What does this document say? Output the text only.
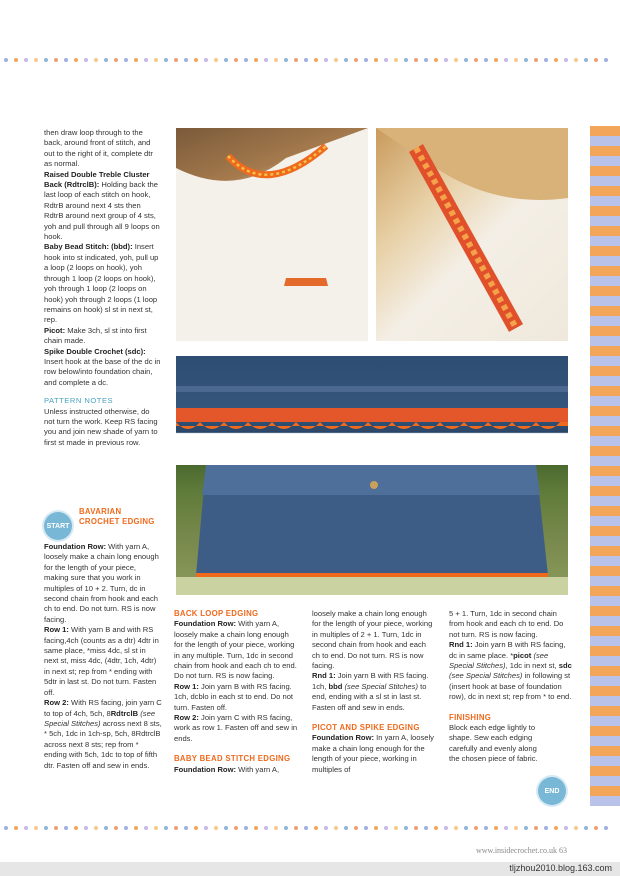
then draw loop through to the back, around front of stitch, and out to the right of it, complete dtr as normal.

Raised Double Treble Cluster Back (RdtrclB): Holding back the last loop of each stitch on hook, RdtrB around next 4 sts then RdtrB around next group of 4 sts, yoh and pull through all 9 loops on hook.

Baby Bead Stitch: (bbd): Insert hook into st indicated, yoh, pull up a loop (2 loops on hook), yoh through 1 loop (2 loops on hook), yoh through 1 loop (2 loops on hook) yoh through 2 loops (1 loop remains on hook) sl st in next st, rep.

Picot: Make 3ch, sl st into first chain made.

Spike Double Crochet (sdc): Insert hook at the base of the dc in row below/into foundation chain, and complete a dc.

PATTERN NOTES

Unless instructed otherwise, do not turn the work. Keep RS facing you and join new shade of yarn to first st made in previous row.

START
BAVARIAN CROCHET EDGING

Foundation Row: With yarn A, loosely make a chain long enough for the length of your piece, making sure that you work in multiples of 10 + 2. Turn, dc in second chain from hook and each ch to end. Do not turn. RS is now facing.

Row 1: With yarn B and with RS facing,4ch (counts as a dtr) 4dtr in same place, *miss 4dc, sl st in next st, miss 4dc, (4dtr, 1ch, 4dtr) in next st; rep from * ending with 5dtr in last st. Do not turn. Fasten off.

Row 2: With RS facing, join yarn C to top of 4ch, 5ch, 8RdtrclB (see Special Stitches) across next 8 sts, * 5ch, 1dc in 1ch-sp, 5ch, 8RdtrclB across next 8 sts; rep from * ending with 5ch, 1dc to top of fifth dtr. Fasten off and sew in ends.

BACK LOOP EDGING

Foundation Row: With yarn A, loosely make a chain long enough for the length of your piece, working in any multiple. Turn, 1dc in second chain from hook and each ch to end. Do not turn. RS is now facing.

Row 1: Join yarn B with RS facing. 1ch, dcblo in each st to end. Do not turn. Fasten off.

Row 2: Join yarn C with RS facing, work as row 1. Fasten off and sew in ends.

BABY BEAD STITCH EDGING

Foundation Row: With yarn A,

loosely make a chain long enough for the length of your piece, working in multiples of 2 + 1. Turn, 1dc in second chain from hook and each ch to end. Do not turn. RS is now facing.

Rnd 1: Join yarn B with RS facing. 1ch, bbd (see Special Stitches) to end, ending with a sl st in last st. Fasten off and sew in ends.

PICOT AND SPIKE EDGING

Foundation Row: In yarn A, loosely make a chain long enough for the length of your piece, working in multiples of

5 + 1. Turn, 1dc in second chain from hook and each ch to end. Do not turn. RS is now facing.

Rnd 1: Join yarn B with RS facing, dc in same place. *picot (see Special Stitches), 1dc in next st, sdc (see Special Stitches) in following st (insert hook at base of foundation row), dc in next st; rep from * to end.

FINISHING

Block each edge lightly to shape. Sew each edging carefully and evenly along the chosen piece of fabric.

END
www.insidecrochet.co.uk 63
tljzhou2010.blog.163.com
